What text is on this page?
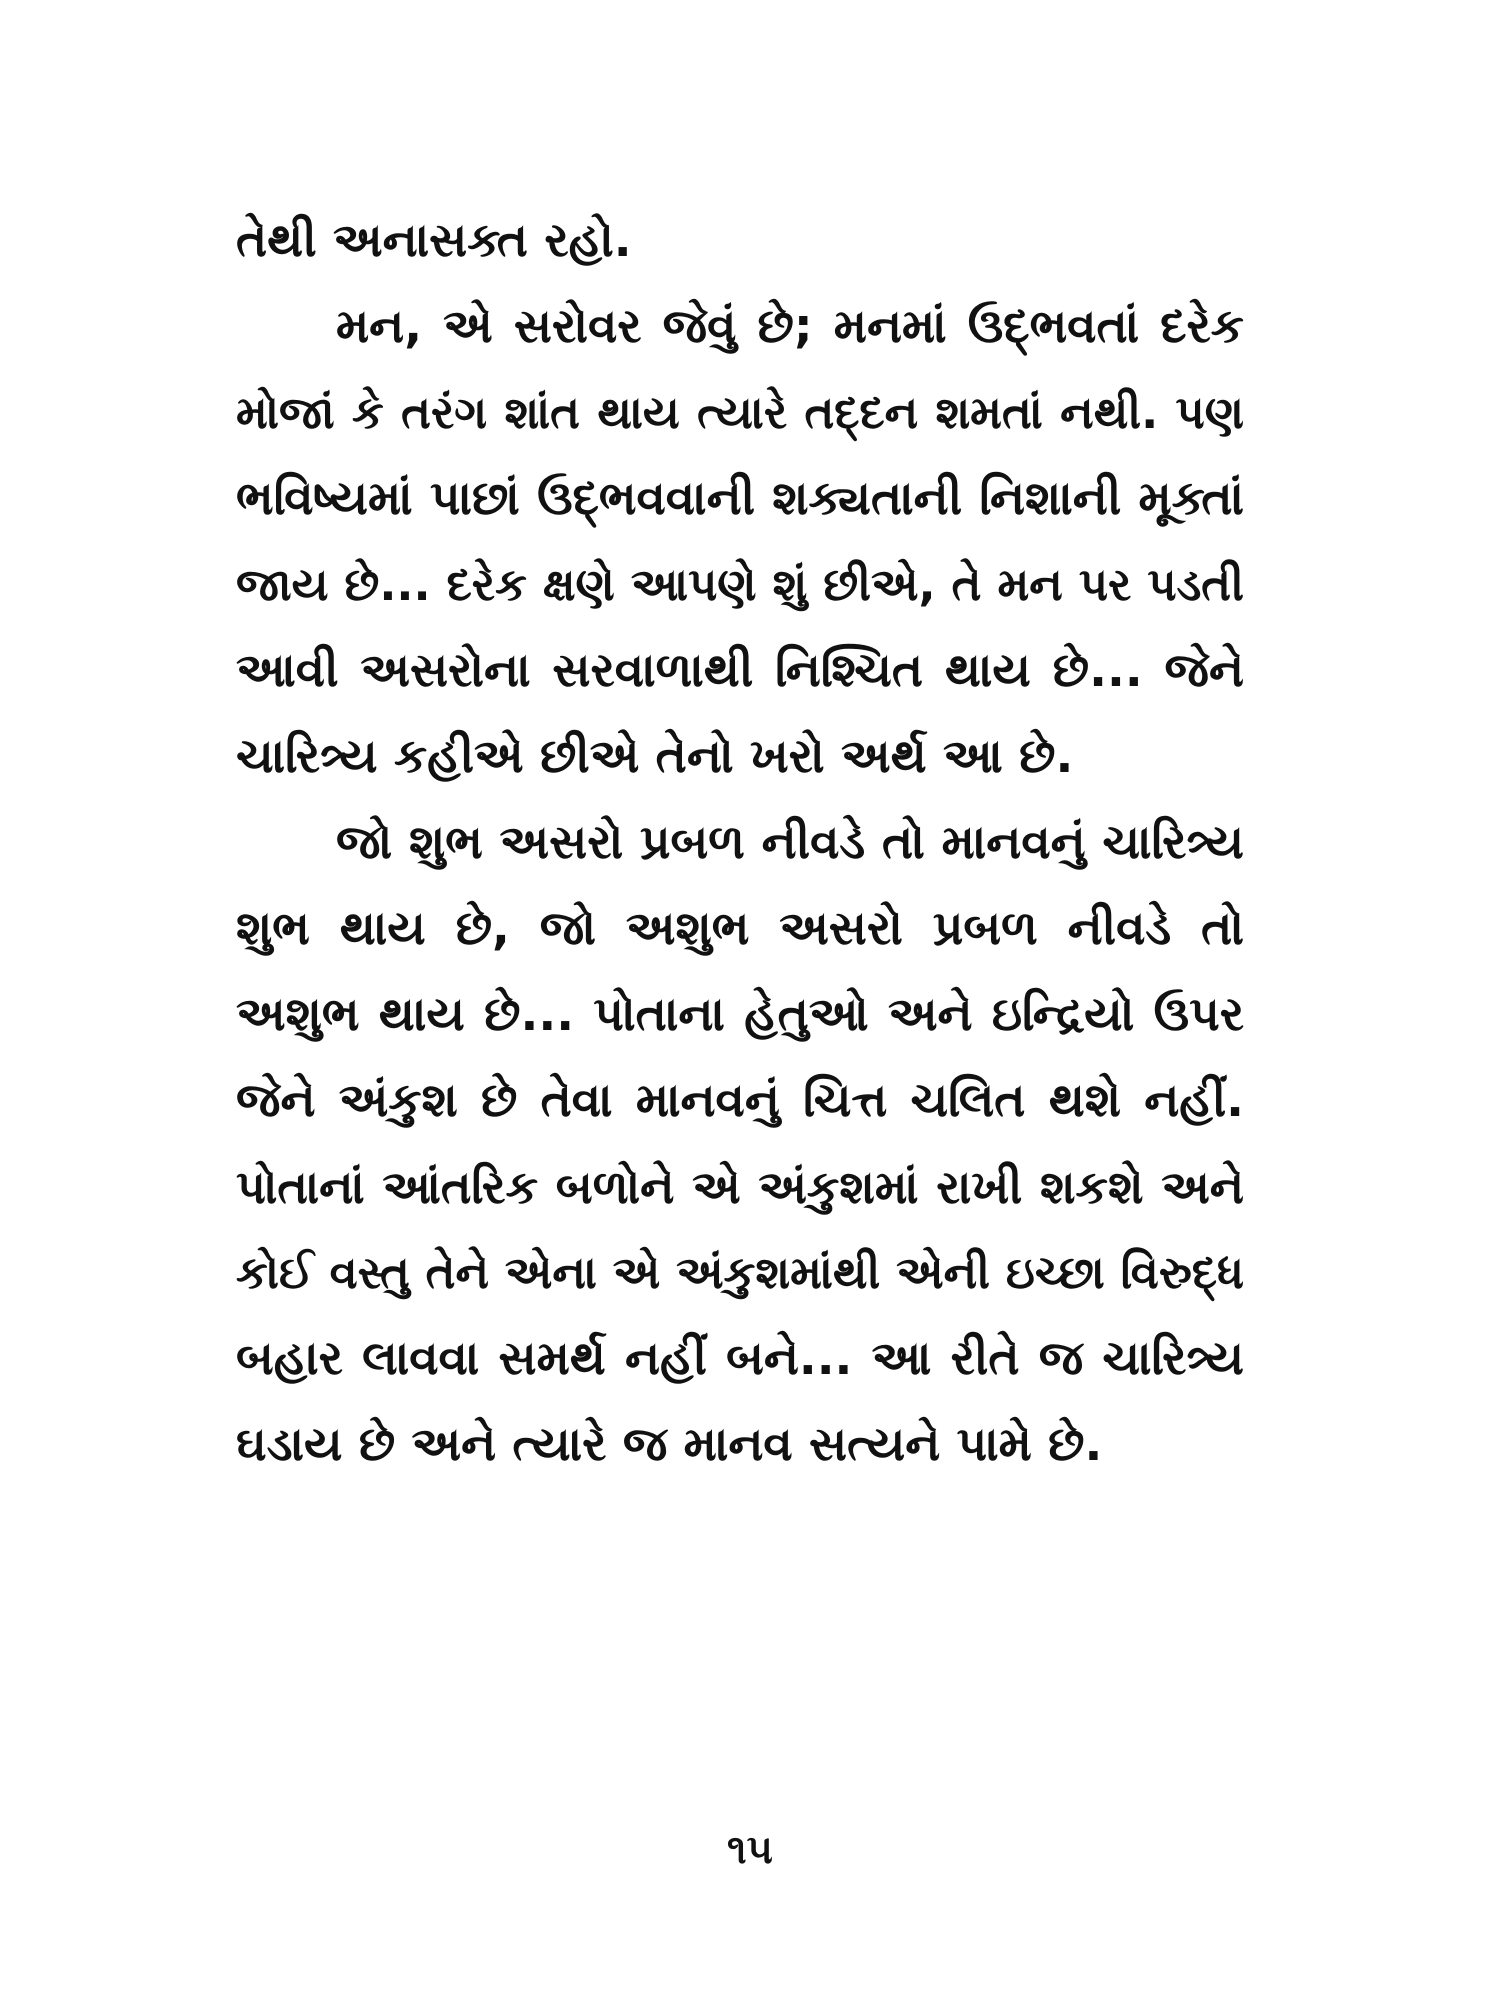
તેથી અનાસક્ત રહો.
મન, એ સરોવર જેવું છે; મનમાં ઉદ્ભવતાં દરેક
મોજાં કે તરંગ શાંત થાય ત્યારે તદ્દન શમતાં નથી. પણ
ભવિષ્યમાં પાછાં ઉદ્ભવવાની શક્યતાની નિશાની મૂક્તાં
જાય છે... દરેક ક્ષણે આપણે શું છીએ, તે મન પર પડતી
આવી અસરોના સરવાળાથી નિશ્ચિત થાય છે... જેને
ચારિત્ર્ય કહીએ છીએ તેનો ખરો અર્થ આ છે.
જો શુભ અસરો પ્રબળ નીવડે તો માનવનું ચારિત્ર્ય
શુભ થાય છે, જો અશુભ અસરો પ્રબળ નીવડે તો
અશુભ થાય છે... પોતાના હેતુઓ અને ઇન્દ્રિયો ઉપર
જેને અંકુશ છે તેવા માનવનું ચિત્ત ચલિત થશે નહીં.
પોતાનાં આંતરિક બળોને એ અંકુશમાં રાખી શકશે અને
કોઈ વસ્તુ તેને એના એ અંકુશમાંથી એની ઇચ્છા વિરુદ્ધ
બહાર લાવવા સમર્થ નહીં બને... આ રીતે જ ચારિત્ર્ય
ઘડાય છે અને ત્યારે જ માનવ સત્યને પામે છે.
૧૫
